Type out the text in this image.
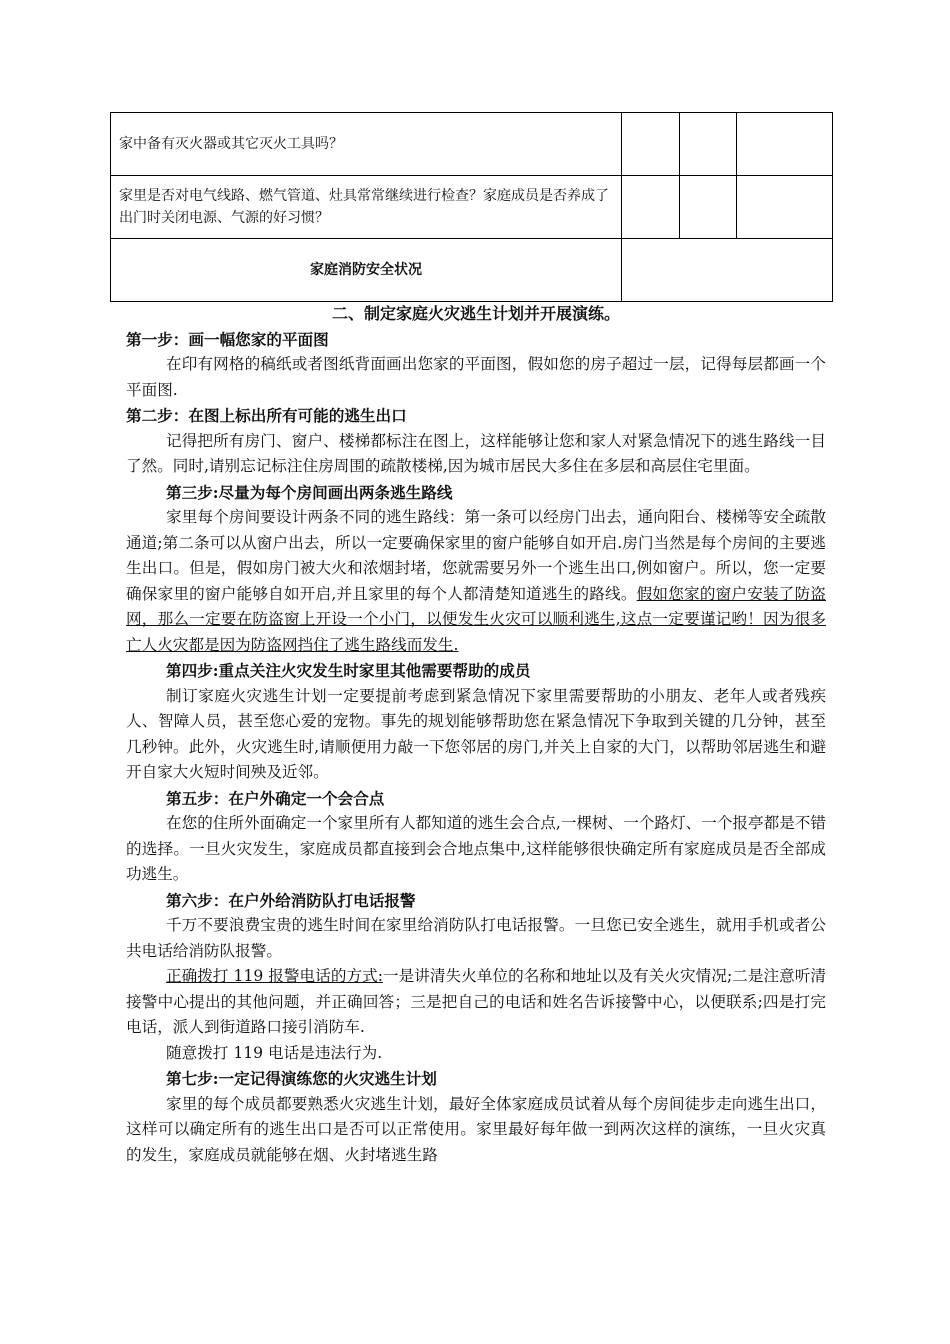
家中备有灭火器或其它灭火工具吗？			
家里是否对电气线路、燃气管道、灶具常常继续进行检查？家庭成员是否养成了出门时关闭电源、气源的好习惯？			
家庭消防安全状况			

二、制定家庭火灾逃生计划并开展演练。

第一步：画一幅您家的平面图

在印有网格的稿纸或者图纸背面画出您家的平面图，假如您的房子超过一层，记得每层都画一个平面图.

第二步：在图上标出所有可能的逃生出口

记得把所有房门、窗户、楼梯都标注在图上，这样能够让您和家人对紧急情况下的逃生路线一目了然。同时,请别忘记标注住房周围的疏散楼梯,因为城市居民大多住在多层和高层住宅里面。

第三步:尽量为每个房间画出两条逃生路线

家里每个房间要设计两条不同的逃生路线：第一条可以经房门出去，通向阳台、楼梯等安全疏散通道;第二条可以从窗户出去，所以一定要确保家里的窗户能够自如开启.房门当然是每个房间的主要逃生出口。但是，假如房门被大火和浓烟封堵，您就需要另外一个逃生出口,例如窗户。所以，您一定要确保家里的窗户能够自如开启,并且家里的每个人都清楚知道逃生的路线。假如您家的窗户安装了防盗网，那么一定要在防盗窗上开设一个小门，以便发生火灾可以顺利逃生,这点一定要谨记哟！因为很多亡人火灾都是因为防盗网挡住了逃生路线而发生.

第四步:重点关注火灾发生时家里其他需要帮助的成员

制订家庭火灾逃生计划一定要提前考虑到紧急情况下家里需要帮助的小朋友、老年人或者残疾人、智障人员，甚至您心爱的宠物。事先的规划能够帮助您在紧急情况下争取到关键的几分钟，甚至几秒钟。此外，火灾逃生时,请顺便用力敲一下您邻居的房门,并关上自家的大门，以帮助邻居逃生和避开自家大火短时间殃及近邻。

第五步：在户外确定一个会合点

在您的住所外面确定一个家里所有人都知道的逃生会合点,一棵树、一个路灯、一个报亭都是不错的选择。一旦火灾发生，家庭成员都直接到会合地点集中,这样能够很快确定所有家庭成员是否全部成功逃生。

第六步：在户外给消防队打电话报警

千万不要浪费宝贵的逃生时间在家里给消防队打电话报警。一旦您已安全逃生，就用手机或者公共电话给消防队报警。

正确拨打 119 报警电话的方式:一是讲清失火单位的名称和地址以及有关火灾情况;二是注意听清接警中心提出的其他问题，并正确回答；三是把自己的电话和姓名告诉接警中心，以便联系;四是打完电话，派人到街道路口接引消防车.

随意拨打 119 电话是违法行为.

第七步:一定记得演练您的火灾逃生计划

家里的每个成员都要熟悉火灾逃生计划，最好全体家庭成员试着从每个房间徒步走向逃生出口，这样可以确定所有的逃生出口是否可以正常使用。家里最好每年做一到两次这样的演练，一旦火灾真的发生，家庭成员就能够在烟、火封堵逃生路
